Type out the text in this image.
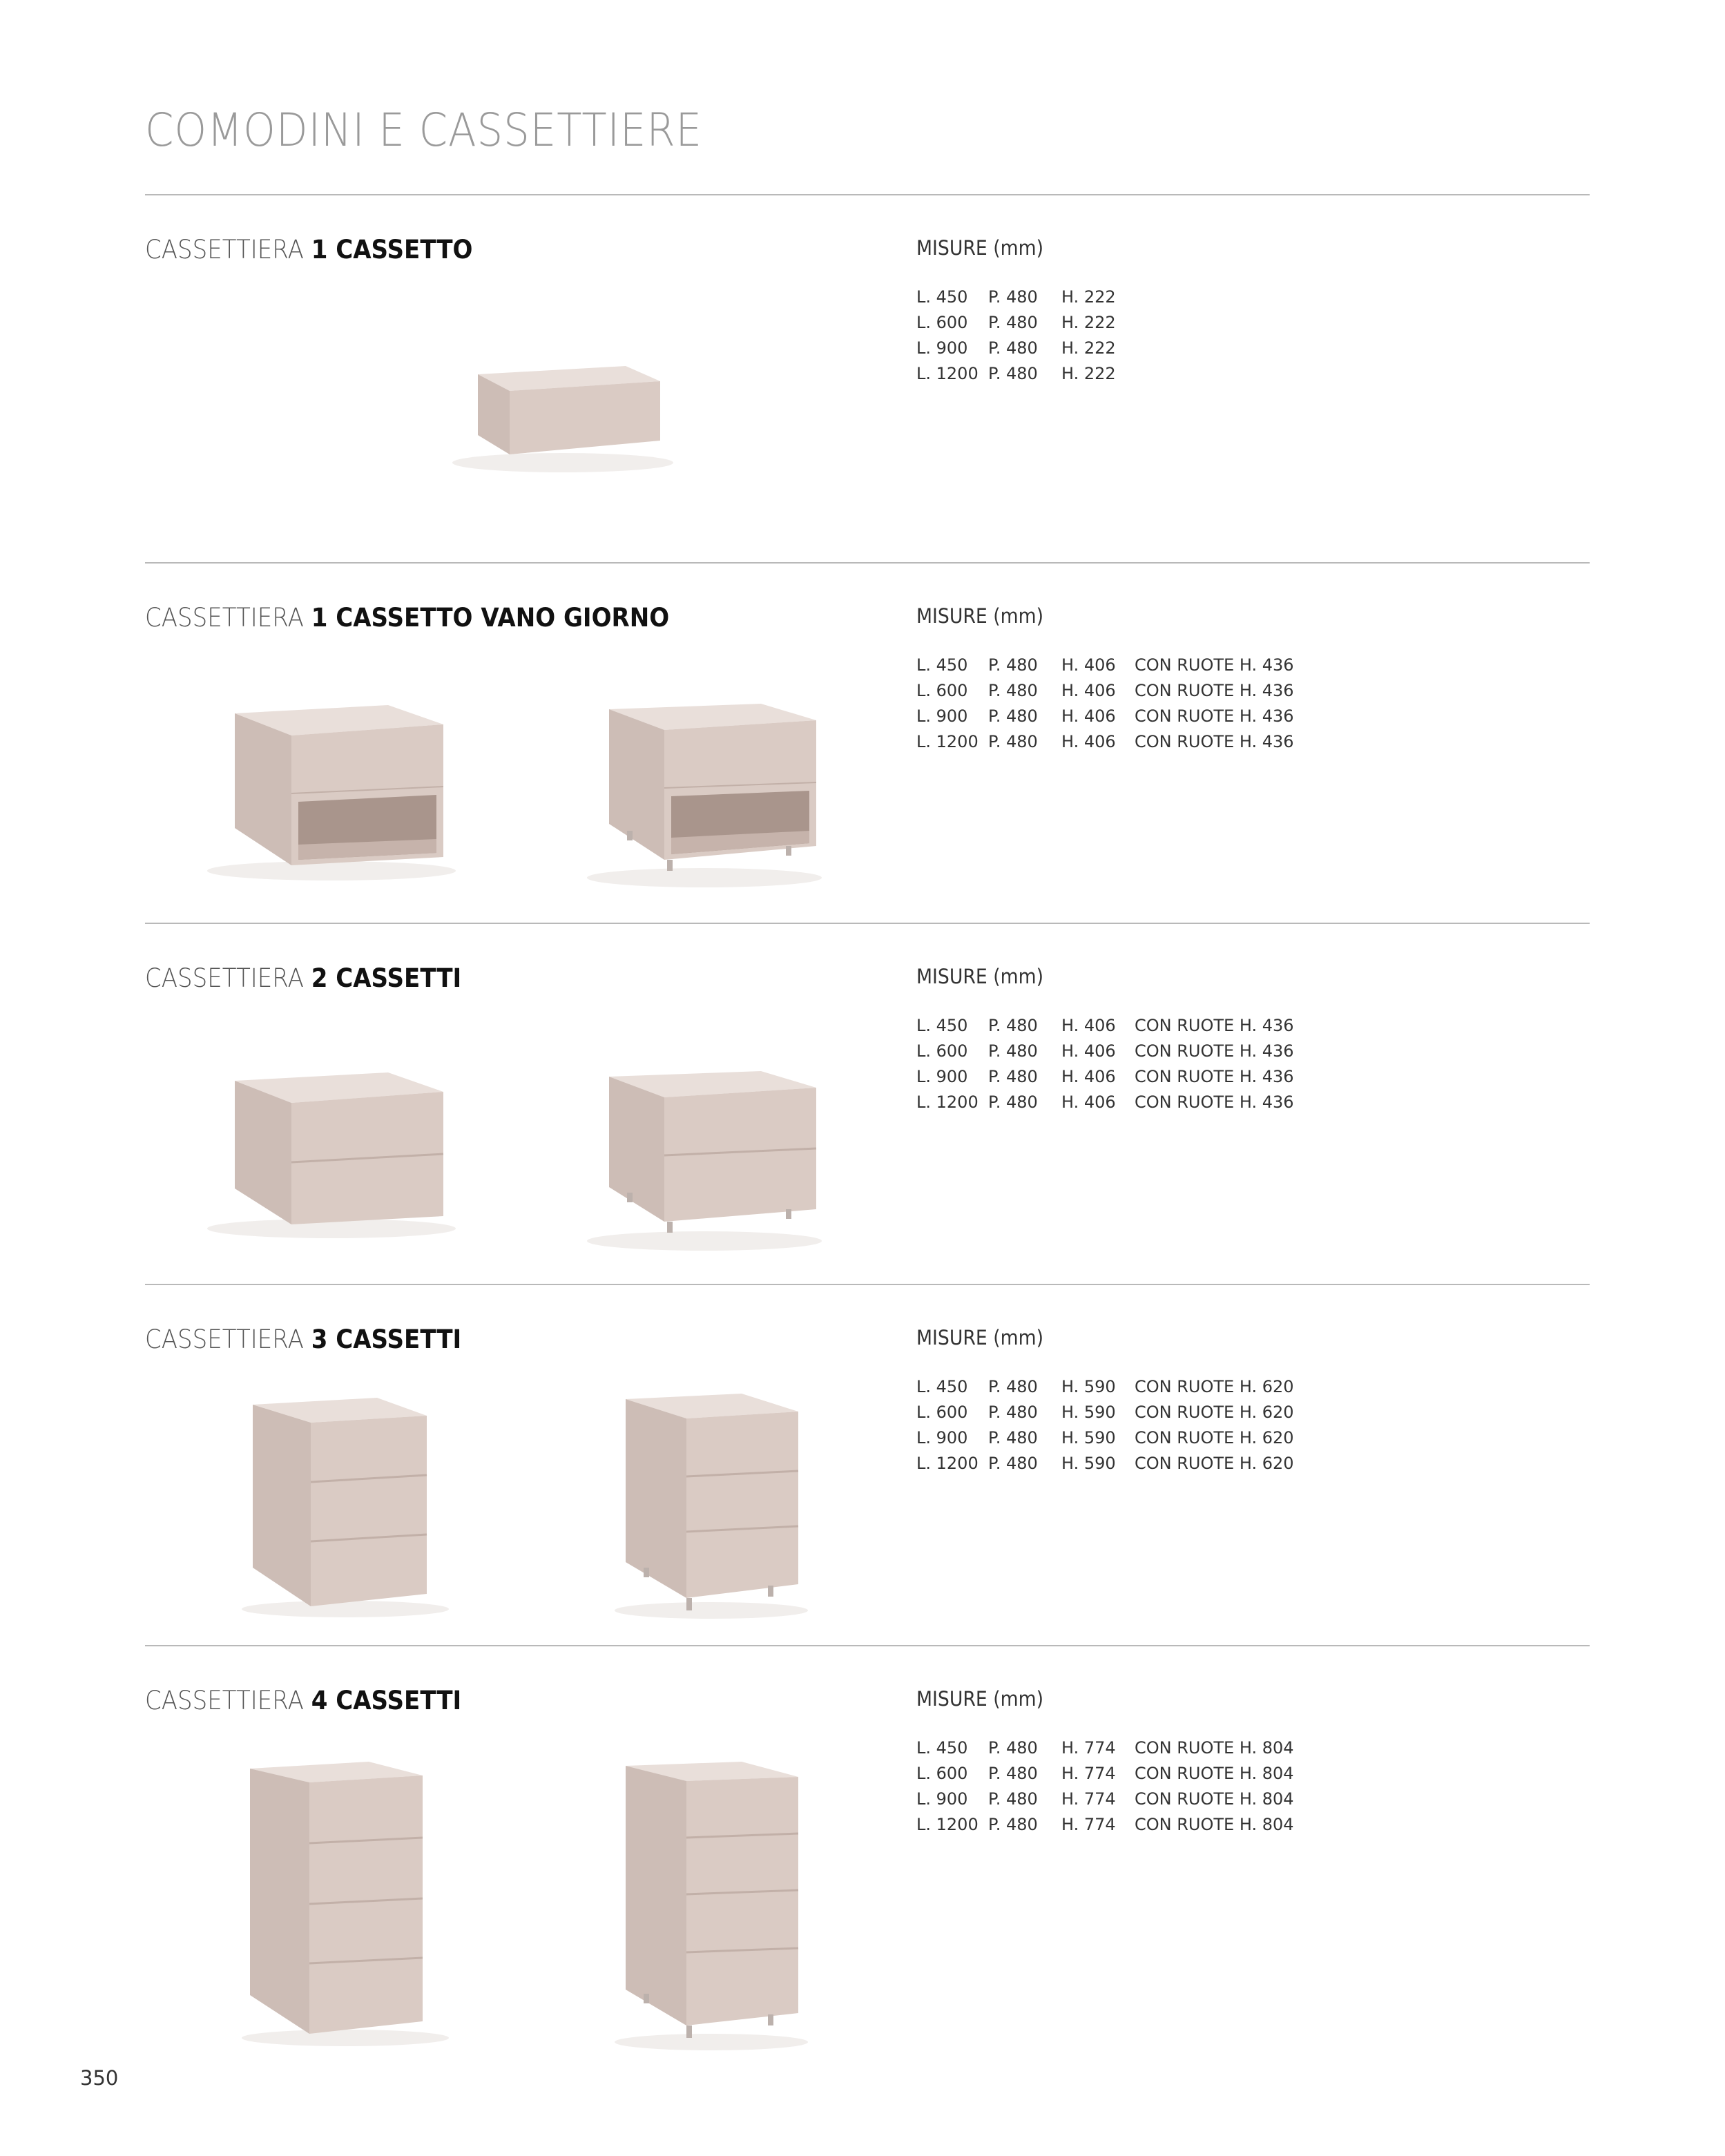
COMODINI E CASSETTIERE
CASSETTIERA 1 CASSETTO	MISURE (mm)
L. 450 P. 480 H. 222
L. 600 P. 480 H. 222
L. 900 P. 480 H. 222
L. 1200 P. 480 H. 222
CASSETTIERA 1 CASSETTO VANO GIORNO	MISURE (mm)
L. 450 P. 480 H. 406 CON RUOTE H. 436
L. 600 P. 480 H. 406 CON RUOTE H. 436
L. 900 P. 480 H. 406 CON RUOTE H. 436
L. 1200 P. 480 H. 406 CON RUOTE H. 436
CASSETTIERA 2 CASSETTI	MISURE (mm)
L. 450 P. 480 H. 406 CON RUOTE H. 436
L. 600 P. 480 H. 406 CON RUOTE H. 436
L. 900 P. 480 H. 406 CON RUOTE H. 436
L. 1200 P. 480 H. 406 CON RUOTE H. 436
CASSETTIERA 3 CASSETTI	MISURE (mm)
L. 450 P. 480 H. 590 CON RUOTE H. 620
L. 600 P. 480 H. 590 CON RUOTE H. 620
L. 900 P. 480 H. 590 CON RUOTE H. 620
L. 1200 P. 480 H. 590 CON RUOTE H. 620
CASSETTIERA 4 CASSETTI	MISURE (mm)
L. 450 P. 480 H. 774 CON RUOTE H. 804
L. 600 P. 480 H. 774 CON RUOTE H. 804
L. 900 P. 480 H. 774 CON RUOTE H. 804
L. 1200 P. 480 H. 774 CON RUOTE H. 804
350
